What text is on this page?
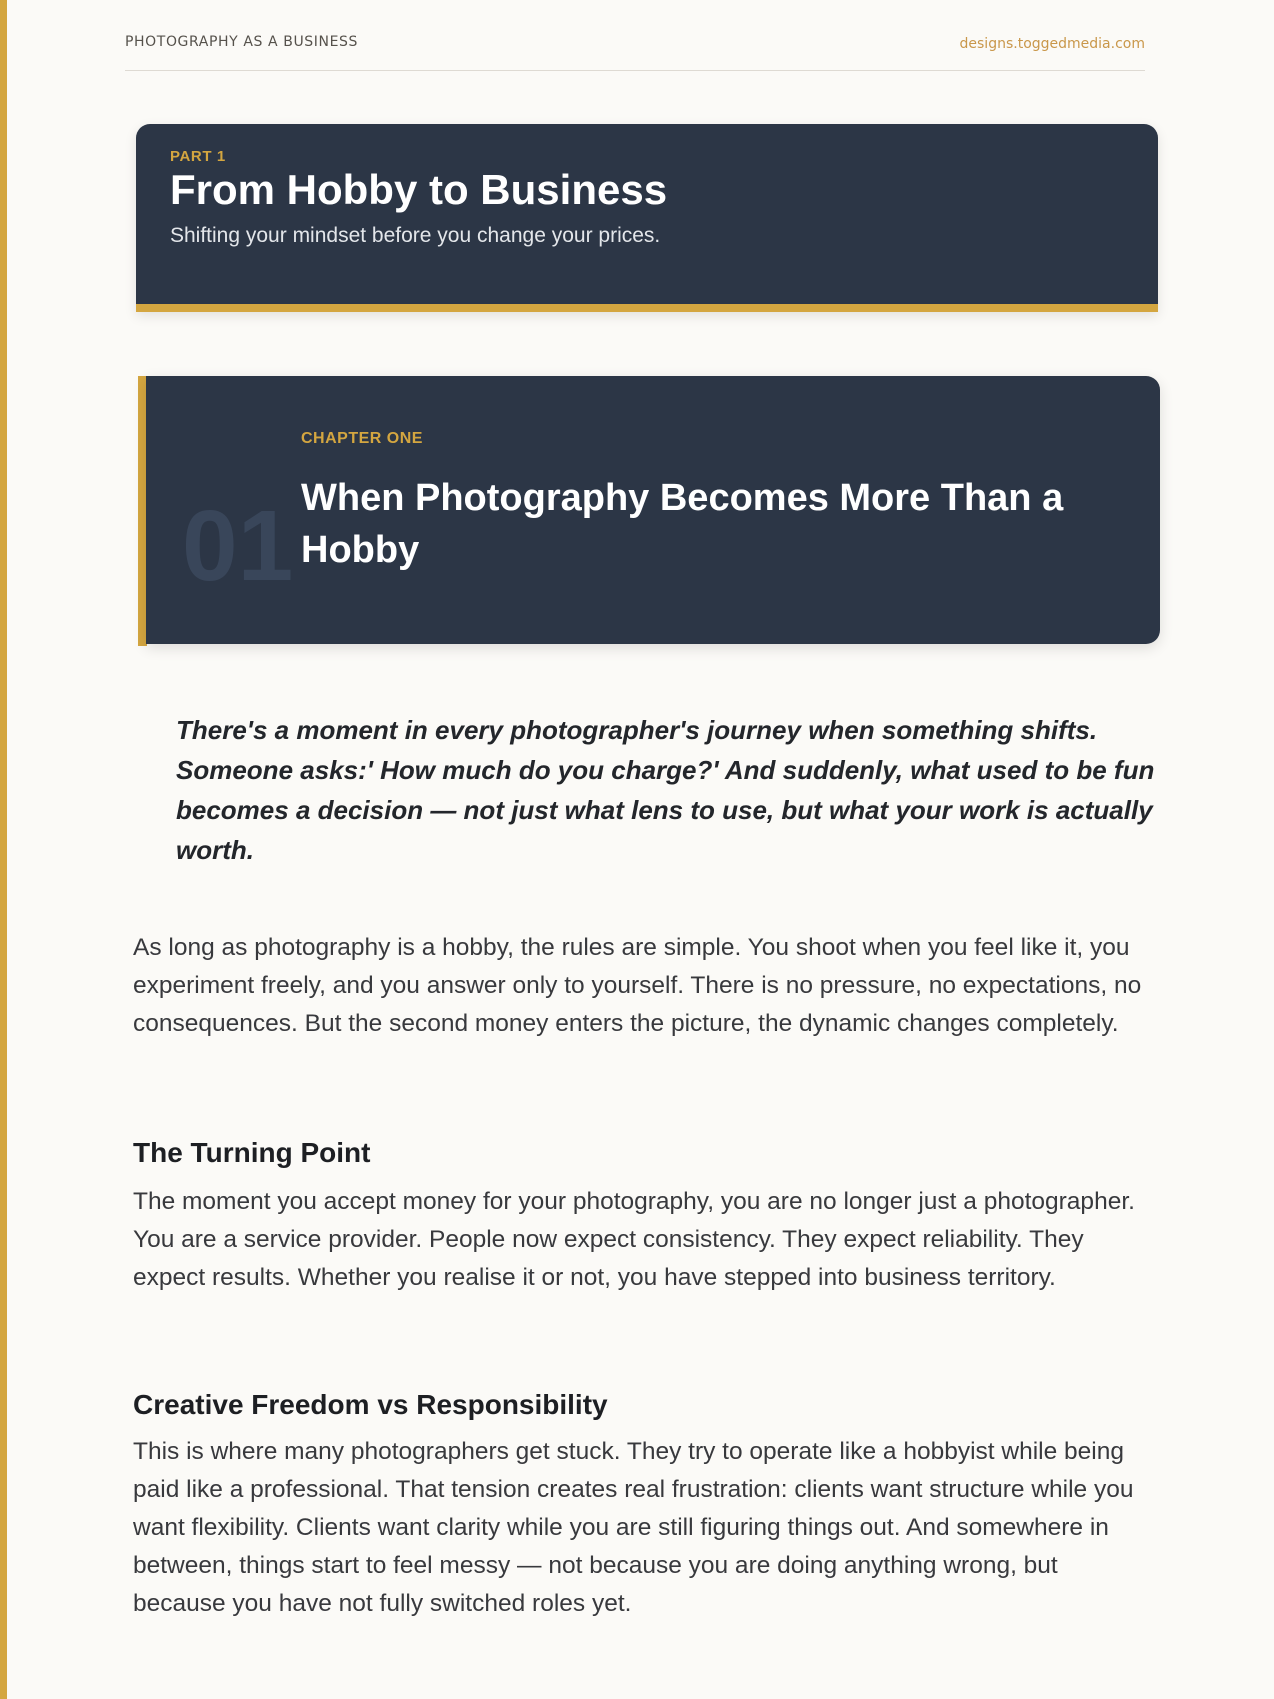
PHOTOGRAPHY AS A BUSINESS	designs.toggedmedia.com
PART 1
From Hobby to Business
Shifting your mindset before you change your prices.
01
CHAPTER ONE
When Photography Becomes More Than a Hobby

There's a moment in every photographer's journey when something shifts. Someone asks:' How much do you charge?' And suddenly, what used to be fun becomes a decision — not just what lens to use, but what your work is actually worth.

As long as photography is a hobby, the rules are simple. You shoot when you feel like it, you experiment freely, and you answer only to yourself. There is no pressure, no expectations, no consequences. But the second money enters the picture, the dynamic changes completely.

The Turning Point

The moment you accept money for your photography, you are no longer just a photographer. You are a service provider. People now expect consistency. They expect reliability. They expect results. Whether you realise it or not, you have stepped into business territory.

Creative Freedom vs Responsibility

This is where many photographers get stuck. They try to operate like a hobbyist while being paid like a professional. That tension creates real frustration: clients want structure while you want flexibility. Clients want clarity while you are still figuring things out. And somewhere in between, things start to feel messy — not because you are doing anything wrong, but because you have not fully switched roles yet.
